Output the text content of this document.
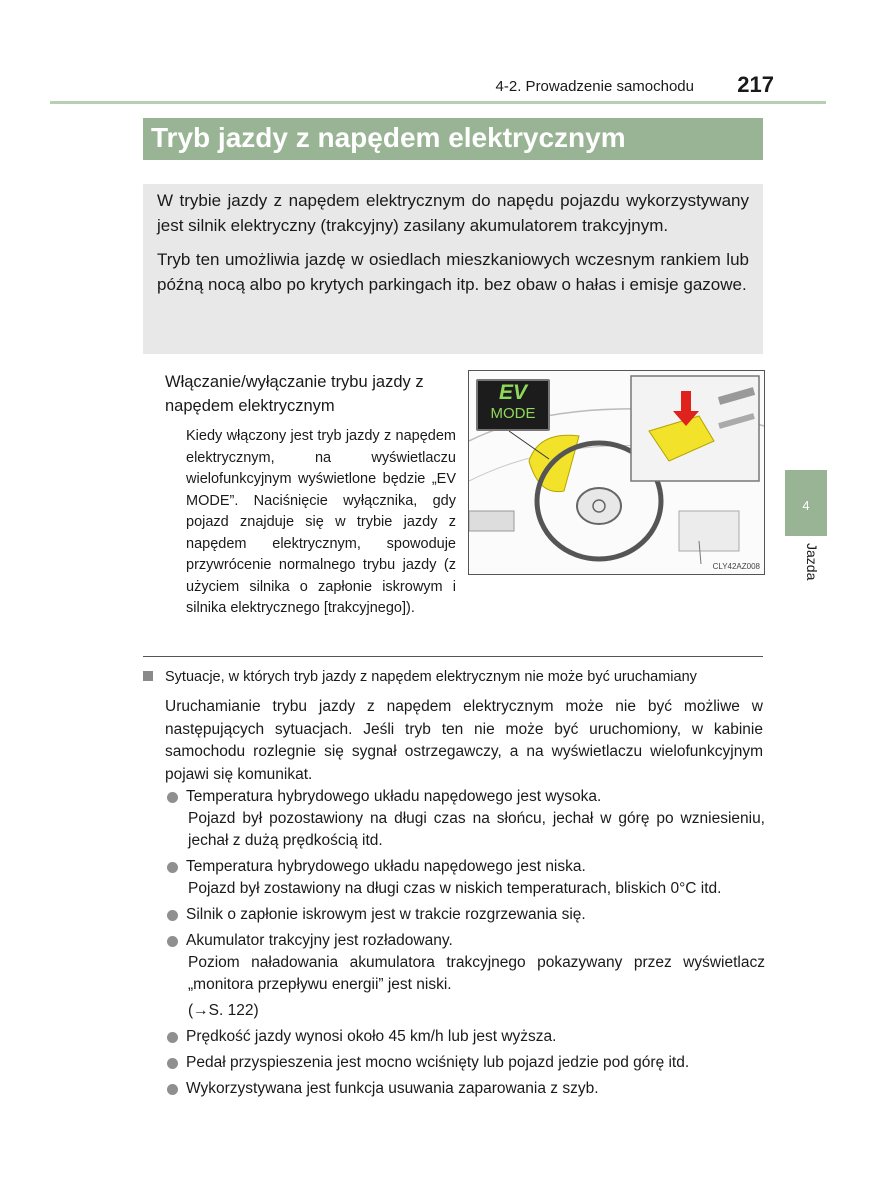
4-2. Prowadzenie samochodu 217
Tryb jazdy z napędem elektrycznym

W trybie jazdy z napędem elektrycznym do napędu pojazdu wykorzystywany jest silnik elektryczny (trakcyjny) zasilany akumulatorem trakcyjnym.

Tryb ten umożliwia jazdę w osiedlach mieszkaniowych wczesnym rankiem lub późną nocą albo po krytych parkingach itp. bez obaw o hałas i emisje gazowe.

Włączanie/wyłączanie trybu jazdy z napędem elektrycznym
Kiedy włączony jest tryb jazdy z napędem elektrycznym, na wyświetlaczu wielofunkcyjnym wyświetlone będzie „EV MODE”. Naciśnięcie wyłącznika, gdy pojazd znajduje się w trybie jazdy z napędem elektrycznym, spowoduje przywrócenie normalnego trybu jazdy (z użyciem silnika o zapłonie iskrowym i silnika elektrycznego [trakcyjnego]).
EV
MODE
CLY42AZ008
4
Jazda
Sytuacje, w których tryb jazdy z napędem elektrycznym nie może być uruchamiany
Uruchamianie trybu jazdy z napędem elektrycznym może nie być możliwe w następujących sytuacjach. Jeśli tryb ten nie może być uruchomiony, w kabinie samochodu rozlegnie się sygnał ostrzegawczy, a na wyświetlaczu wielofunkcyjnym pojawi się komunikat.
Temperatura hybrydowego układu napędowego jest wysoka.
Pojazd był pozostawiony na długi czas na słońcu, jechał w górę po wzniesieniu, jechał z dużą prędkością itd.
Temperatura hybrydowego układu napędowego jest niska.
Pojazd był zostawiony na długi czas w niskich temperaturach, bliskich 0°C itd.
Silnik o zapłonie iskrowym jest w trakcie rozgrzewania się.
Akumulator trakcyjny jest rozładowany.
Poziom naładowania akumulatora trakcyjnego pokazywany przez wyświetlacz „monitora przepływu energii” jest niski.
(→S. 122)
Prędkość jazdy wynosi około 45 km/h lub jest wyższa.
Pedał przyspieszenia jest mocno wciśnięty lub pojazd jedzie pod górę itd.
Wykorzystywana jest funkcja usuwania zaparowania z szyb.
